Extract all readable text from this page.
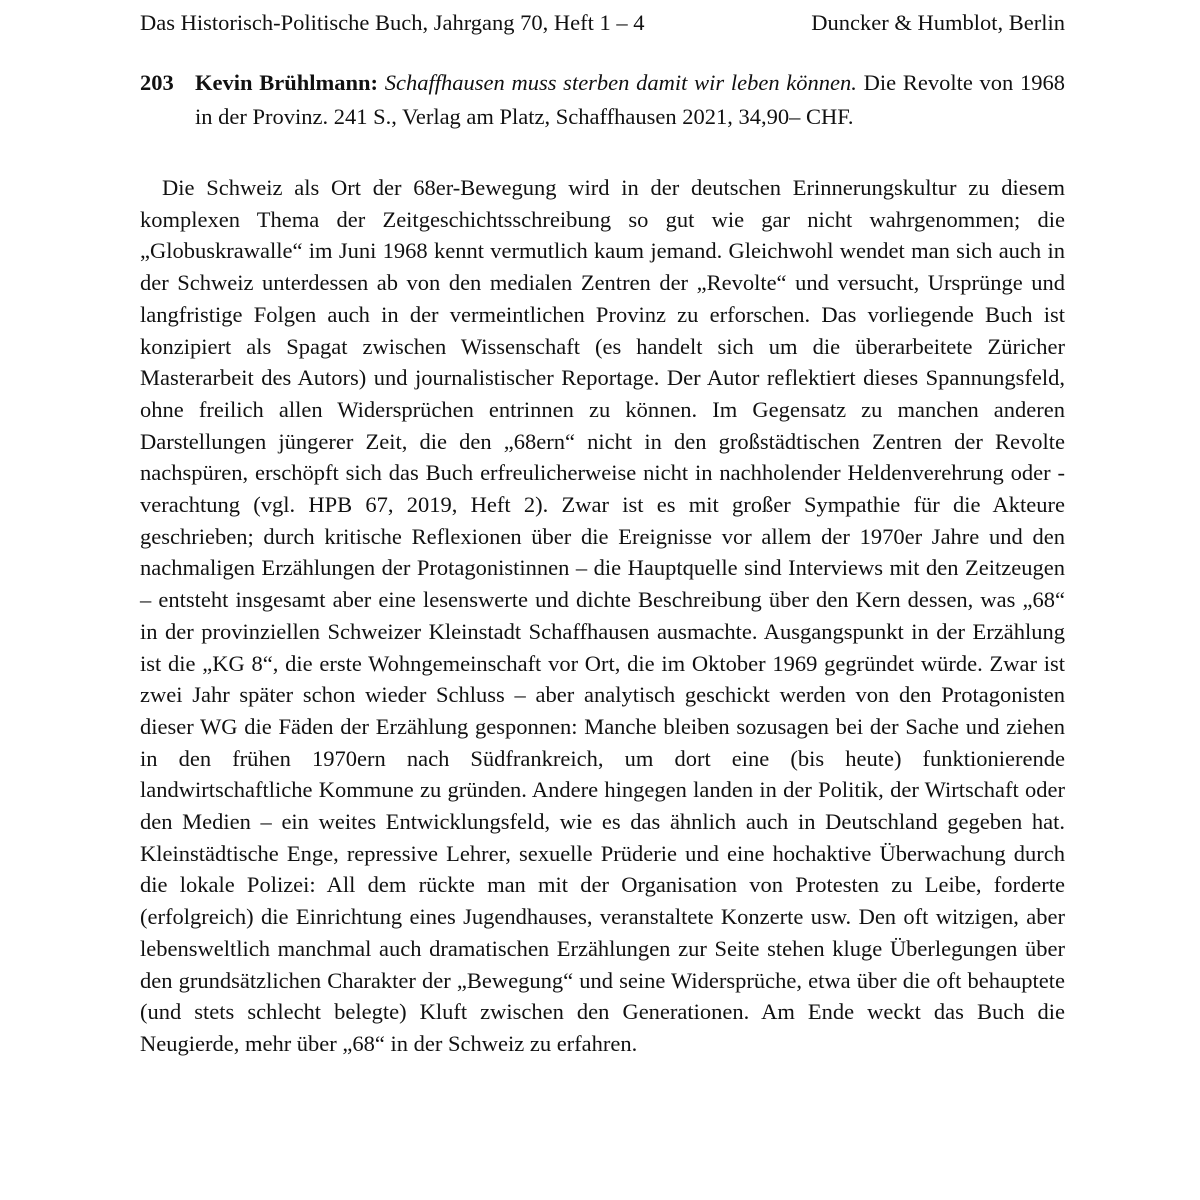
Das Historisch-Politische Buch, Jahrgang 70, Heft 1 – 4	Duncker & Humblot, Berlin
203 Kevin Brühlmann: Schaffhausen muss sterben damit wir leben können. Die Revolte von 1968 in der Provinz. 241 S., Verlag am Platz, Schaffhausen 2021, 34,90– CHF.

Die Schweiz als Ort der 68er-Bewegung wird in der deutschen Erinnerungskultur zu diesem komplexen Thema der Zeitgeschichtsschreibung so gut wie gar nicht wahrgenommen; die „Globuskrawalle“ im Juni 1968 kennt vermutlich kaum jemand. Gleichwohl wendet man sich auch in der Schweiz unterdessen ab von den medialen Zentren der „Revolte“ und versucht, Ursprünge und langfristige Folgen auch in der vermeintlichen Provinz zu erforschen. Das vorliegende Buch ist konzipiert als Spagat zwischen Wissenschaft (es handelt sich um die überarbeitete Züricher Masterarbeit des Autors) und journalistischer Reportage. Der Autor reflektiert dieses Spannungsfeld, ohne freilich allen Widersprüchen entrinnen zu können. Im Gegensatz zu manchen anderen Darstellungen jüngerer Zeit, die den „68ern“ nicht in den großstädtischen Zentren der Revolte nachspüren, erschöpft sich das Buch erfreulicherweise nicht in nachholender Heldenverehrung oder -verachtung (vgl. HPB 67, 2019, Heft 2). Zwar ist es mit großer Sympathie für die Akteure geschrieben; durch kritische Reflexionen über die Ereignisse vor allem der 1970er Jahre und den nachmaligen Erzählungen der Protagonistinnen – die Hauptquelle sind Interviews mit den Zeitzeugen – entsteht insgesamt aber eine lesenswerte und dichte Beschreibung über den Kern dessen, was „68“ in der provinziellen Schweizer Kleinstadt Schaffhausen ausmachte. Ausgangspunkt in der Erzählung ist die „KG 8“, die erste Wohngemeinschaft vor Ort, die im Oktober 1969 gegründet würde. Zwar ist zwei Jahr später schon wieder Schluss – aber analytisch geschickt werden von den Protagonisten dieser WG die Fäden der Erzählung gesponnen: Manche bleiben sozusagen bei der Sache und ziehen in den frühen 1970ern nach Südfrankreich, um dort eine (bis heute) funktionierende landwirtschaftliche Kommune zu gründen. Andere hingegen landen in der Politik, der Wirtschaft oder den Medien – ein weites Entwicklungsfeld, wie es das ähnlich auch in Deutschland gegeben hat. Kleinstädtische Enge, repressive Lehrer, sexuelle Prüderie und eine hochaktive Überwachung durch die lokale Polizei: All dem rückte man mit der Organisation von Protesten zu Leibe, forderte (erfolgreich) die Einrichtung eines Jugendhauses, veranstaltete Konzerte usw. Den oft witzigen, aber lebensweltlich manchmal auch dramatischen Erzählungen zur Seite stehen kluge Überlegungen über den grundsätzlichen Charakter der „Bewegung“ und seine Widersprüche, etwa über die oft behauptete (und stets schlecht belegte) Kluft zwischen den Generationen. Am Ende weckt das Buch die Neugierde, mehr über „68“ in der Schweiz zu erfahren.
